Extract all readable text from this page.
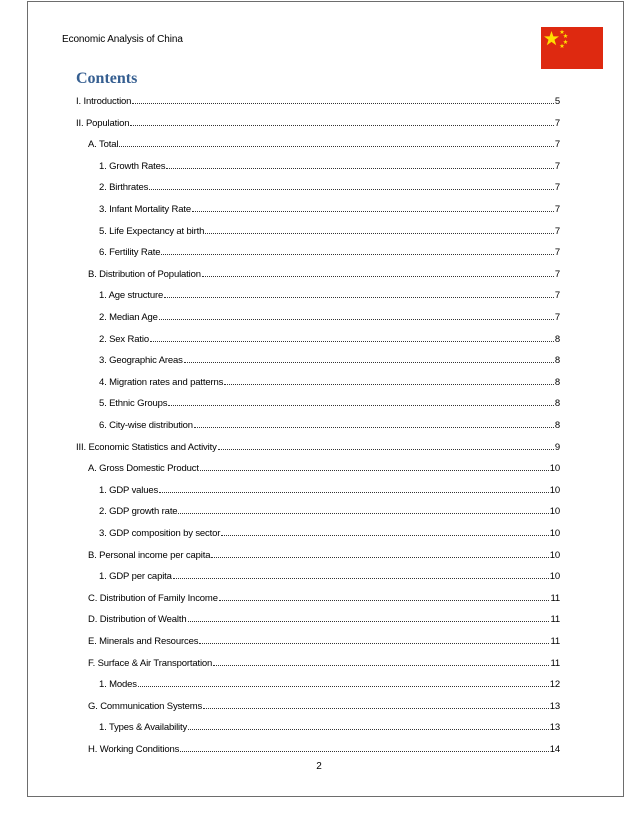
Economic Analysis of China
Contents
I. Introduction	5
II. Population	7
A. Total	7
1. Growth Rates	7
2. Birthrates	7
3. Infant Mortality Rate	7
5. Life Expectancy at birth	7
6. Fertility Rate	7
B. Distribution of Population	7
1. Age structure	7
2. Median Age	7
2. Sex Ratio	8
3. Geographic Areas	8
4. Migration rates and patterns	8
5. Ethnic Groups	8
6. City-wise distribution	8
III. Economic Statistics and Activity	9
A. Gross Domestic Product	10
1. GDP values	10
2. GDP growth rate	10
3. GDP composition by sector	10
B. Personal income per capita	10
1. GDP per capita	10
C. Distribution of Family Income	11
D. Distribution of Wealth	11
E. Minerals and Resources	11
F. Surface & Air Transportation	11
1. Modes	12
G. Communication Systems	13
1. Types & Availability	13
H. Working Conditions	14
2
